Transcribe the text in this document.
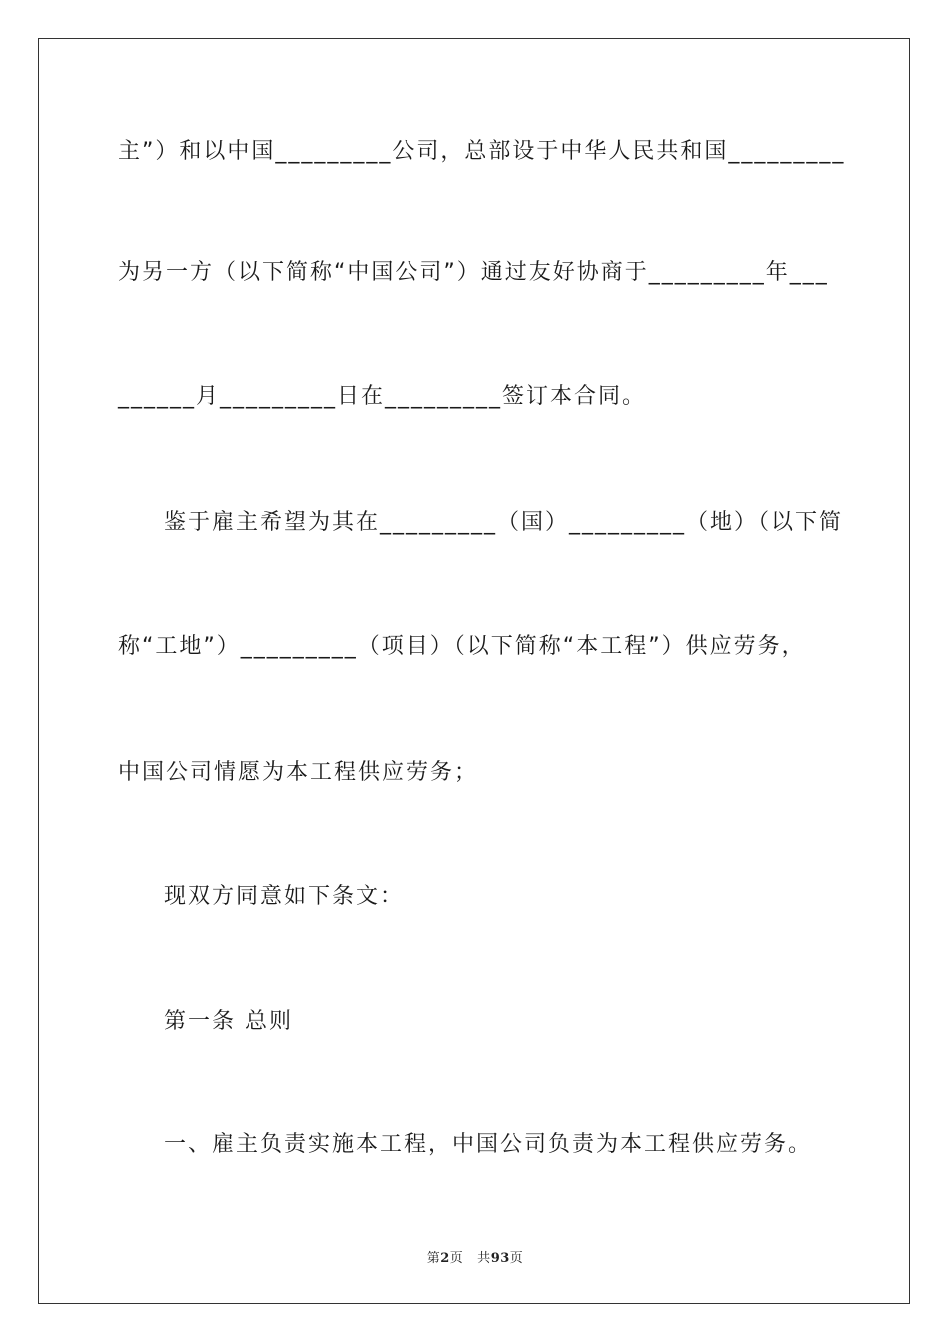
主”）和以中国_________公司，总部设于中华人民共和国_________
为另一方（以下简称“中国公司”）通过友好协商于_________年___
______月_________日在_________签订本合同。
鉴于雇主希望为其在_________（国）_________（地）（以下简
称“工地”）_________（项目）（以下简称“本工程”）供应劳务，
中国公司情愿为本工程供应劳务；
现双方同意如下条文：
第一条 总则
一、雇主负责实施本工程，中国公司负责为本工程供应劳务。
第2页 共93页
